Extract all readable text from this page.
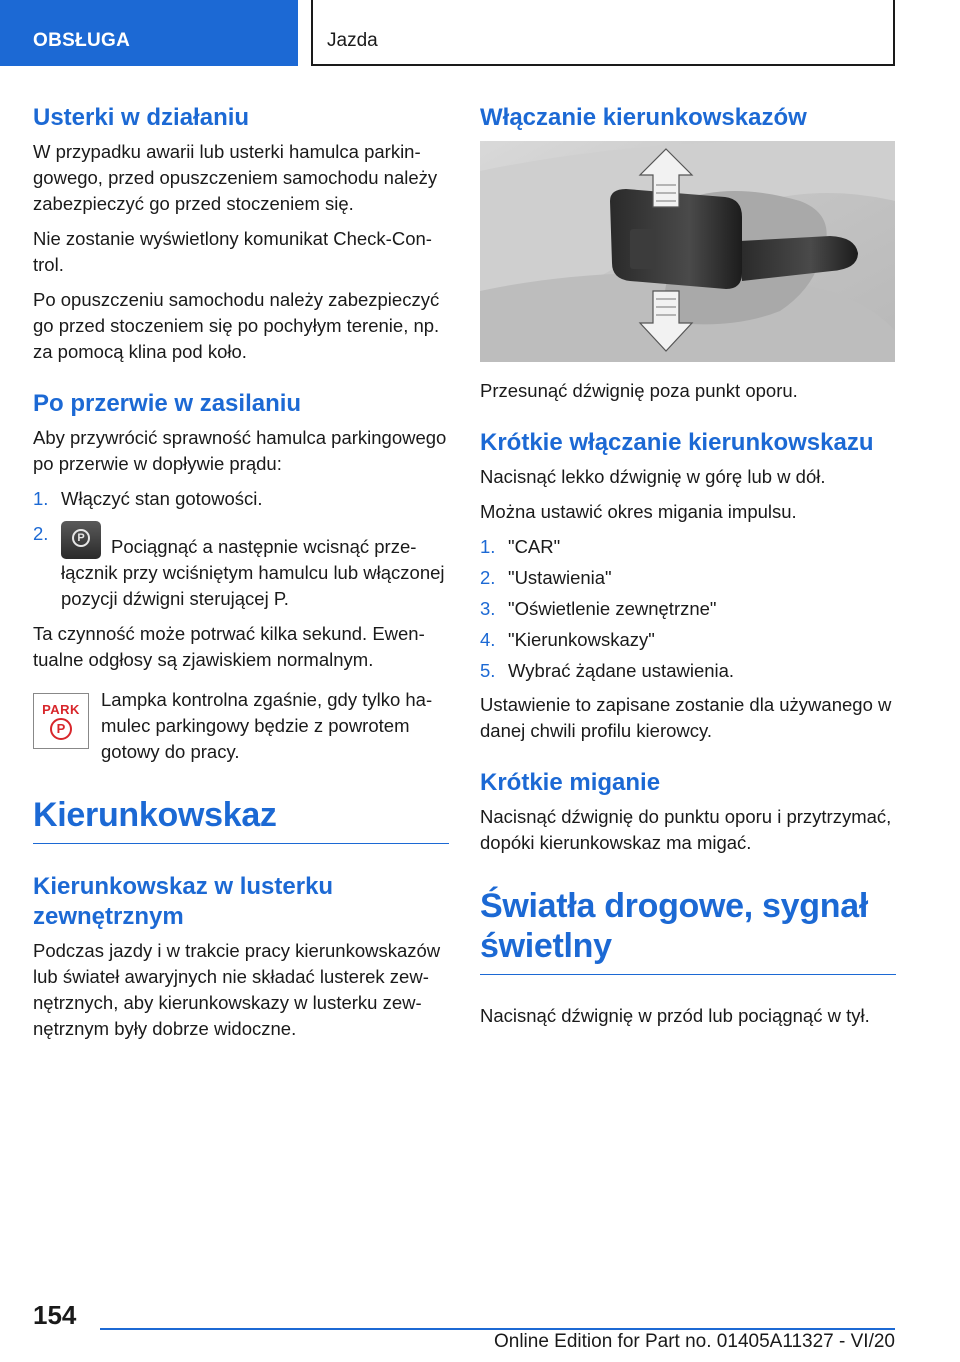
OBSŁUGA	Jazda
Usterki w działaniu

W przypadku awarii lub usterki hamulca parkingowego, przed opuszczeniem samochodu należy zabezpieczyć go przed stoczeniem się.

Nie zostanie wyświetlony komunikat Check-Control.

Po opuszczeniu samochodu należy zabezpieczyć go przed stoczeniem się po pochyłym terenie, np. za pomocą klina pod koło.

Po przerwie w zasilaniu

Aby przywrócić sprawność hamulca parkingowego po przerwie w dopływie prądu:

1. Włączyć stan gotowości.
2.	P Pociągnąć a następnie wcisnąć przełącznik przy wciśniętym hamulcu lub włączonej pozycji dźwigni sterującej P.

Ta czynność może potrwać kilka sekund. Ewentualne odgłosy są zjawiskiem normalnym.

PARK
P

Lampka kontrolna zgaśnie, gdy tylko hamulec parkingowy będzie z powrotem gotowy do pracy.

Kierunkowskaz
Kierunkowskaz w lusterku zewnętrznym

Podczas jazdy i w trakcie pracy kierunkowskazów lub świateł awaryjnych nie składać lusterek zewnętrznych, aby kierunkowskazy w lusterku zewnętrznym były dobrze widoczne.

Włączanie kierunkowskazów

Przesunąć dźwignię poza punkt oporu.

Krótkie włączanie kierunkowskazu

Nacisnąć lekko dźwignię w górę lub w dół.

Można ustawić okres migania impulsu.

1. "CAR"
2. "Ustawienia"
3. "Oświetlenie zewnętrzne"
4. "Kierunkowskazy"
5. Wybrać żądane ustawienia.

Ustawienie to zapisane zostanie dla używanego w danej chwili profilu kierowcy.

Krótkie miganie

Nacisnąć dźwignię do punktu oporu i przytrzymać, dopóki kierunkowskaz ma migać.

Światła drogowe, sygnał świetlny

Nacisnąć dźwignię w przód lub pociągnąć w tył.

154
Online Edition for Part no. 01405A11327 - VI/20
